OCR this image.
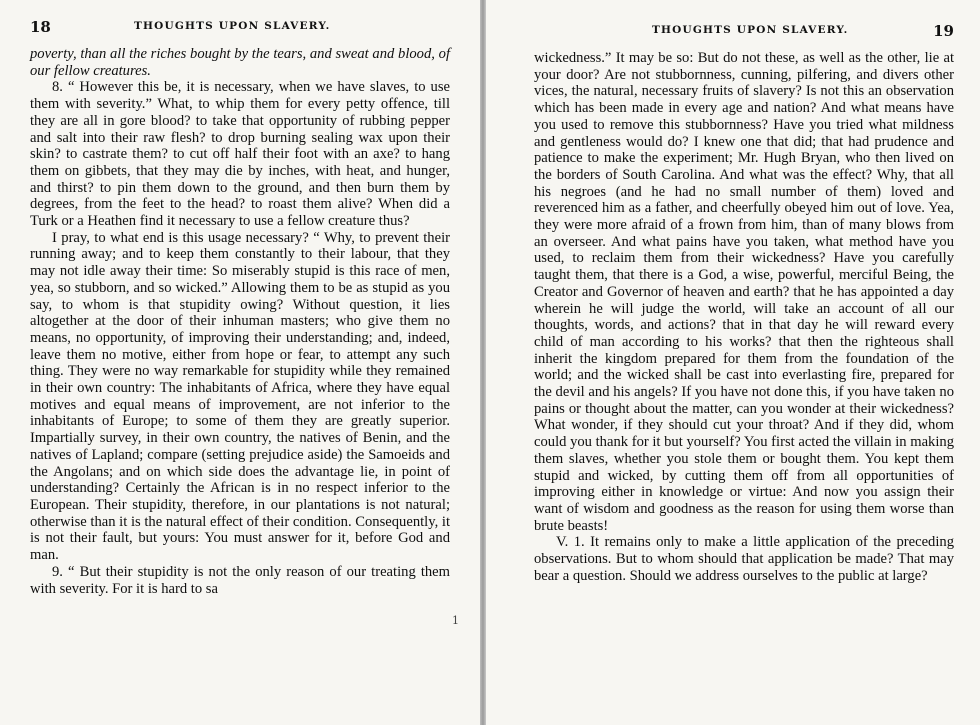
18	THOUGHTS UPON SLAVERY.

poverty, than all the riches bought by the tears, and sweat and blood, of our fellow creatures.

8. “ However this be, it is necessary, when we have slaves, to use them with severity.” What, to whip them for every petty offence, till they are all in gore blood? to take that opportunity of rubbing pepper and salt into their raw flesh? to drop burning sealing wax upon their skin? to castrate them? to cut off half their foot with an axe? to hang them on gibbets, that they may die by inches, with heat, and hunger, and thirst? to pin them down to the ground, and then burn them by degrees, from the feet to the head? to roast them alive? When did a Turk or a Heathen find it necessary to use a fellow creature thus?

I pray, to what end is this usage necessary? “ Why, to prevent their running away; and to keep them constantly to their labour, that they may not idle away their time: So miserably stupid is this race of men, yea, so stubborn, and so wicked.” Allowing them to be as stupid as you say, to whom is that stupidity owing? Without question, it lies altogether at the door of their inhuman masters; who give them no means, no opportunity, of improving their understanding; and, indeed, leave them no motive, either from hope or fear, to attempt any such thing. They were no way remarkable for stupidity while they remained in their own country: The inhabitants of Africa, where they have equal motives and equal means of improvement, are not inferior to the inhabitants of Europe; to some of them they are greatly superior. Impartially survey, in their own country, the natives of Benin, and the natives of Lapland; compare (setting prejudice aside) the Samoeids and the Angolans; and on which side does the advantage lie, in point of understanding? Certainly the African is in no respect inferior to the European. Their stupidity, therefore, in our plantations is not natural; otherwise than it is the natural effect of their condition. Consequently, it is not their fault, but yours: You must answer for it, before God and man.

9. “ But their stupidity is not the only reason of our treating them with severity. For it is hard to sa

1
THOUGHTS UPON SLAVERY.	19

wickedness.” It may be so: But do not these, as well as the other, lie at your door? Are not stubbornness, cunning, pilfering, and divers other vices, the natural, necessary fruits of slavery? Is not this an observation which has been made in every age and nation? And what means have you used to remove this stubbornness? Have you tried what mildness and gentleness would do? I knew one that did; that had prudence and patience to make the experiment; Mr. Hugh Bryan, who then lived on the borders of South Carolina. And what was the effect? Why, that all his negroes (and he had no small number of them) loved and reverenced him as a father, and cheerfully obeyed him out of love. Yea, they were more afraid of a frown from him, than of many blows from an overseer. And what pains have you taken, what method have you used, to reclaim them from their wickedness? Have you carefully taught them, that there is a God, a wise, powerful, merciful Being, the Creator and Governor of heaven and earth? that he has appointed a day wherein he will judge the world, will take an account of all our thoughts, words, and actions? that in that day he will reward every child of man according to his works? that then the righteous shall inherit the kingdom prepared for them from the foundation of the world; and the wicked shall be cast into everlasting fire, prepared for the devil and his angels? If you have not done this, if you have taken no pains or thought about the matter, can you wonder at their wickedness? What wonder, if they should cut your throat? And if they did, whom could you thank for it but yourself? You first acted the villain in making them slaves, whether you stole them or bought them. You kept them stupid and wicked, by cutting them off from all opportunities of improving either in knowledge or virtue: And now you assign their want of wisdom and goodness as the reason for using them worse than brute beasts!

V. 1. It remains only to make a little application of the preceding observations. But to whom should that application be made? That may bear a question. Should we address ourselves to the public at large?
